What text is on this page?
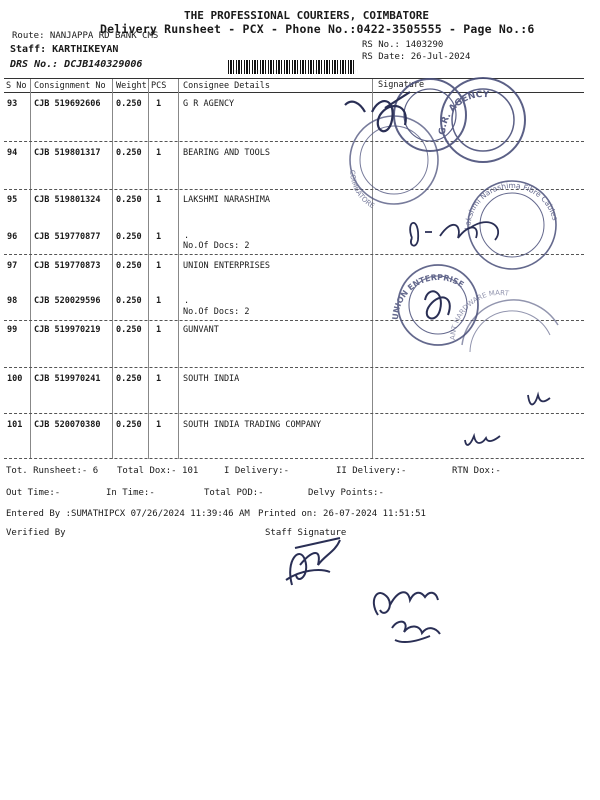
THE PROFESSIONAL COURIERS, COIMBATORE
Delivery Runsheet - PCX - Phone No.:0422-3505555 - Page No.:6
Route: NANJAPPA RD BANK CMS
Staff: KARTHIKEYAN
DRS No.: DCJB140329006
RS No.: 1403290
RS Date: 26-Jul-2024
S No Consignment No Weight PCS Consignee Details	Signature
93 CJB 519692606 0.250 1	G R AGENCY
94 CJB 519801317 0.250 1	BEARING AND TOOLS
95 CJB 519801324 0.250 1	LAKSHMI NARASHIMA
96 CJB 519770877 0.250 1	.
No.Of Docs: 2
97 CJB 519770873 0.250 1	UNION ENTERPRISES
98 CJB 520029596 0.250 1	.
No.Of Docs: 2
99 CJB 519970219 0.250 1	GUNVANT
100 CJB 519970241 0.250 1	SOUTH INDIA
101 CJB 520070380 0.250 1	SOUTH INDIA TRADING COMPANY
Tot. Runsheet:- 6 Total Dox:- 101	I Delivery:-	II Delivery:-	RTN Dox:-
Out Time:-	In Time:-	Total POD:-	Delvy Points:-
Entered By :SUMATHIPCX 07/26/2024 11:39:46 AM Printed on: 26-07-2024 11:51:51
Verified By	Staff Signature
G.R. AGENCY
COIMBATORE
Lakshmi Narashima Fibre Cables
UNION ENTERPRISE
ANT HARDWARE MART
